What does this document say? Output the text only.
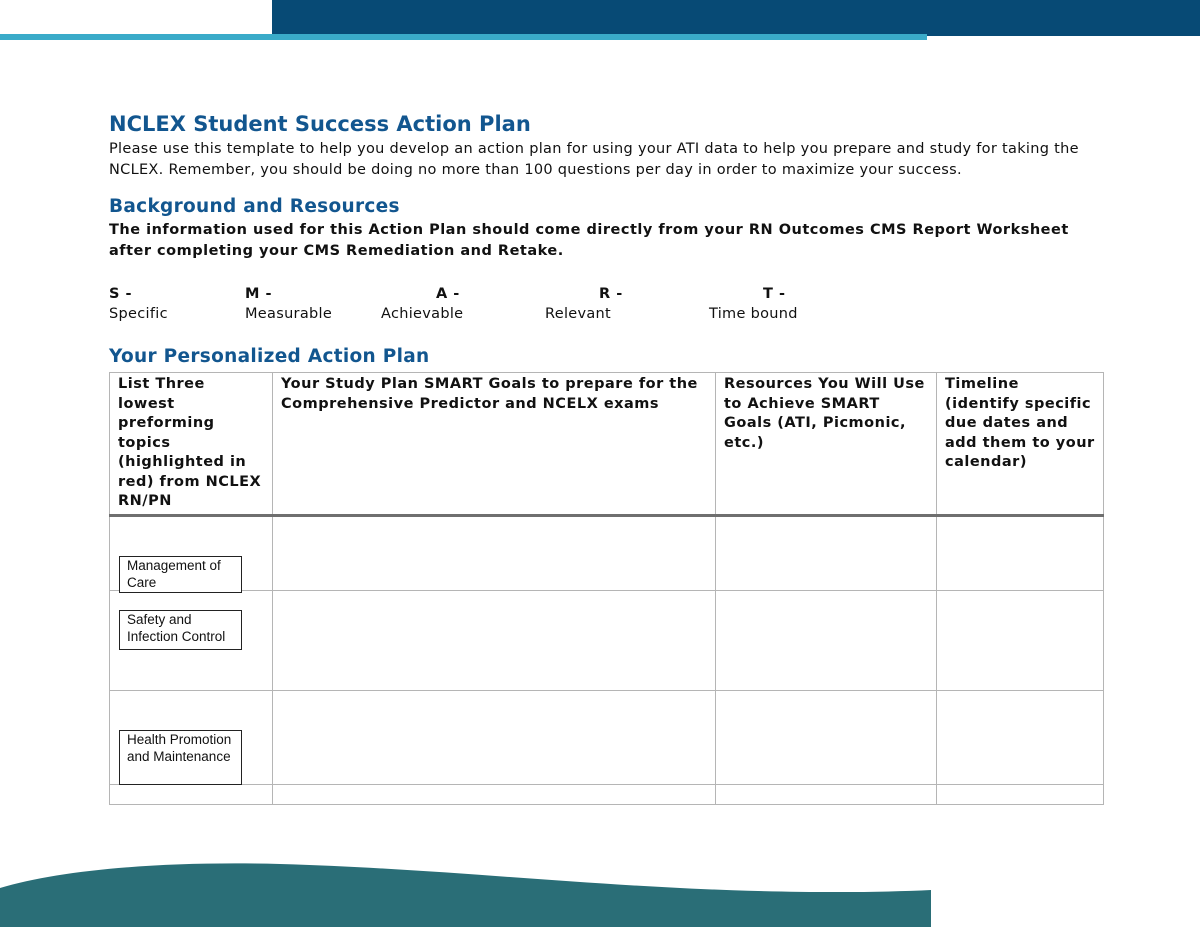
NCLEX Student Success Action Plan

Please use this template to help you develop an action plan for using your ATI data to help you prepare and study for taking the NCLEX. Remember, you should be doing no more than 100 questions per day in order to maximize your success.

Background and Resources

The information used for this Action Plan should come directly from your RN Outcomes CMS Report Worksheet after completing your CMS Remediation and Retake.

S -
Specific
M -
Measurable
A -
Achievable
R -
Relevant
T -
Time bound
Your Personalized Action Plan
List Three lowest preforming topics (highlighted in red) from NCLEX RN/PN	Your Study Plan SMART Goals to prepare for the Comprehensive Predictor and NCELX exams	Resources You Will Use to Achieve SMART Goals (ATI, Picmonic, etc.)	Timeline (identify specific due dates and add them to your calendar)

Management of Care			

Safety and Infection Control			

Health Promotion and Maintenance			
